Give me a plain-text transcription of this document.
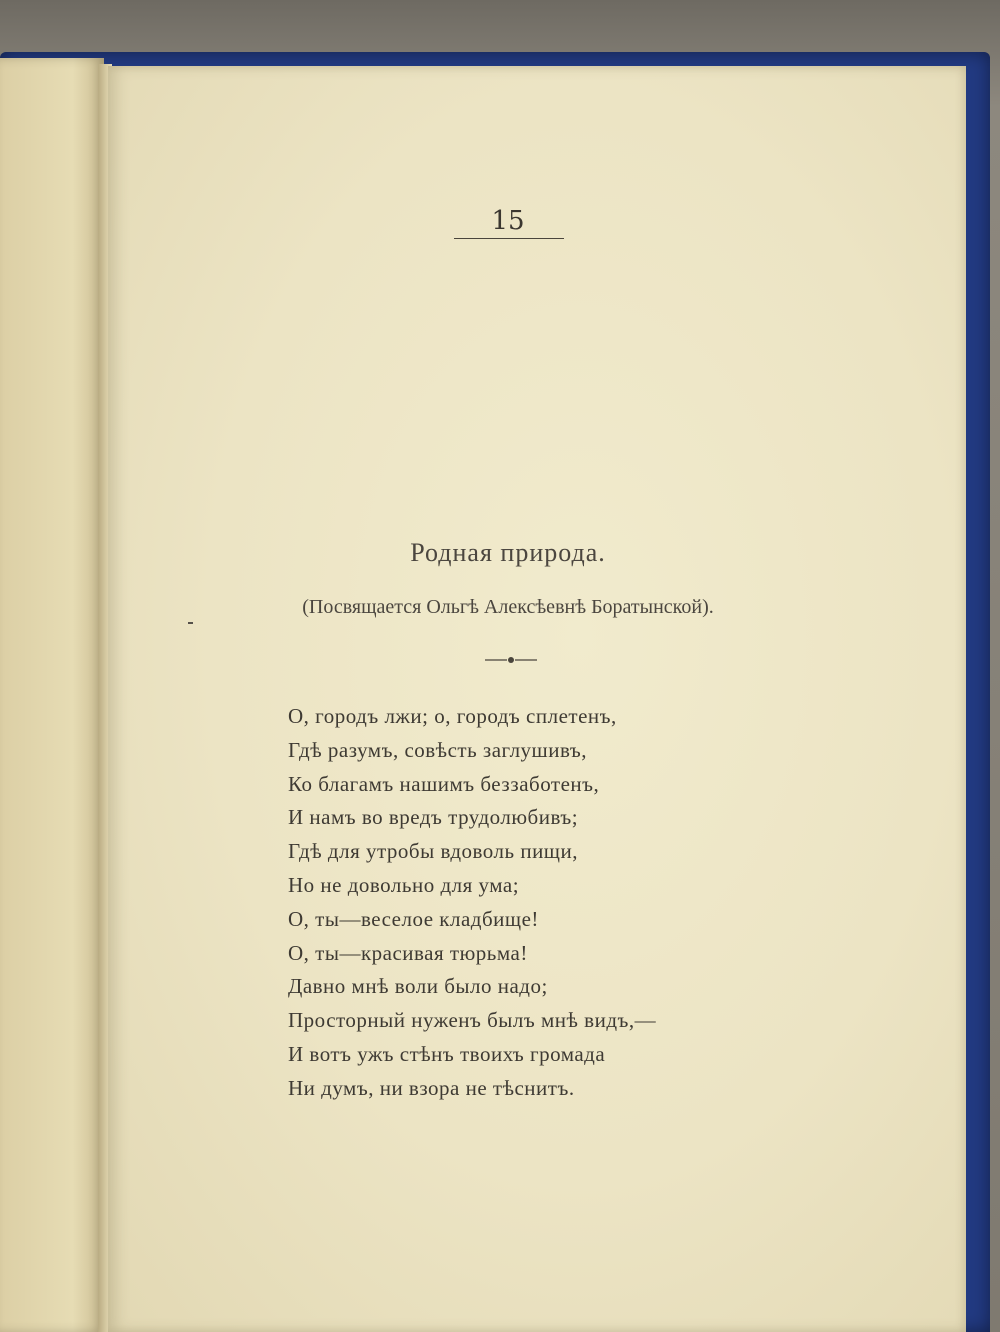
15
Родная природа.
(Посвящается Ольгѣ Алексѣевнѣ Боратынской).
О, городъ лжи; о, городъ сплетенъ,
Гдѣ разумъ, совѣсть заглушивъ,
Ко благамъ нашимъ беззаботенъ,
И намъ во вредъ трудолюбивъ;
Гдѣ для утробы вдоволь пищи,
Но не довольно для ума;
О, ты—веселое кладбище!
О, ты—красивая тюрьма!
Давно мнѣ воли было надо;
Просторный нуженъ былъ мнѣ видъ,—
И вотъ ужъ стѣнъ твоихъ громада
Ни думъ, ни взора не тѣснитъ.
